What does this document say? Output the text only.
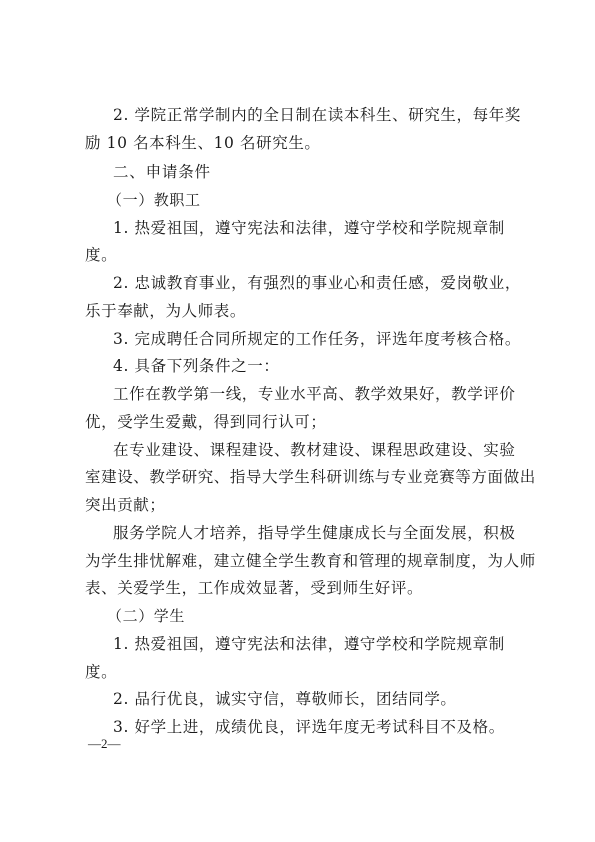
2. 学院正常学制内的全日制在读本科生、研究生，每年奖
励 10 名本科生、10 名研究生。
二、申请条件
（一）教职工
1. 热爱祖国，遵守宪法和法律，遵守学校和学院规章制
度。
2. 忠诚教育事业，有强烈的事业心和责任感，爱岗敬业，
乐于奉献，为人师表。
3. 完成聘任合同所规定的工作任务，评选年度考核合格。
4. 具备下列条件之一：
工作在教学第一线，专业水平高、教学效果好，教学评价
优，受学生爱戴，得到同行认可；
在专业建设、课程建设、教材建设、课程思政建设、实验
室建设、教学研究、指导大学生科研训练与专业竞赛等方面做出
突出贡献；
服务学院人才培养，指导学生健康成长与全面发展，积极
为学生排忧解难，建立健全学生教育和管理的规章制度，为人师
表、关爱学生，工作成效显著，受到师生好评。
（二）学生
1. 热爱祖国，遵守宪法和法律，遵守学校和学院规章制
度。
2. 品行优良，诚实守信，尊敬师长，团结同学。
3. 好学上进，成绩优良，评选年度无考试科目不及格。
—2—
